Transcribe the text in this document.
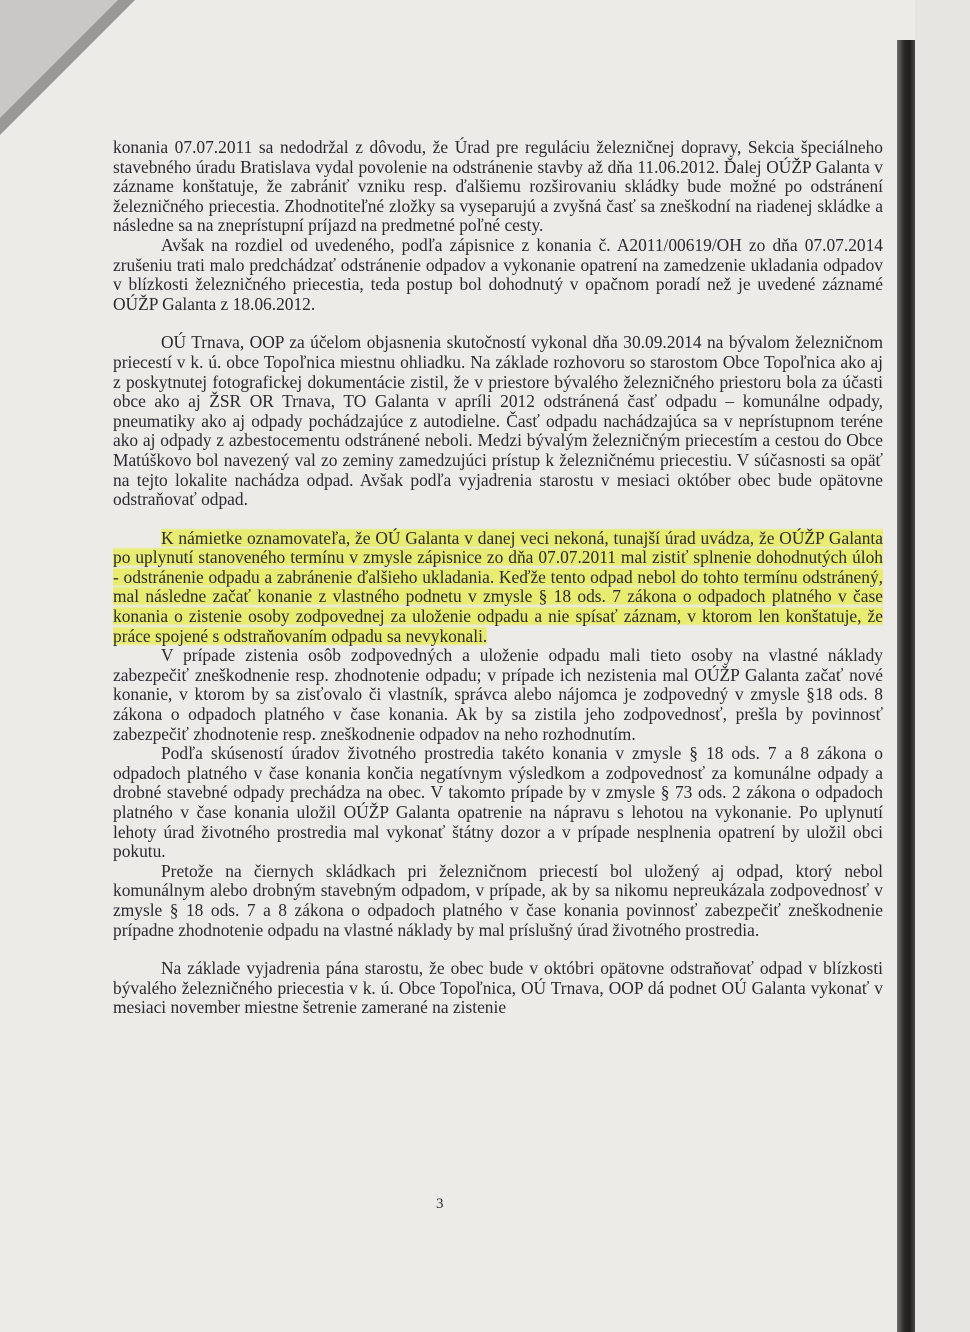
konania 07.07.2011 sa nedodržal z dôvodu, že Úrad pre reguláciu železničnej dopravy, Sekcia špeciálneho stavebného úradu Bratislava vydal povolenie na odstránenie stavby až dňa 11.06.2012. Ďalej OÚŽP Galanta v zázname konštatuje, že zabrániť vzniku resp. ďalšiemu rozširovaniu skládky bude možné po odstránení železničného priecestia. Zhodnotiteľné zložky sa vyseparujú a zvyšná časť sa zneškodní na riadenej skládke a následne sa na zneprístupní príjazd na predmetné poľné cesty.

Avšak na rozdiel od uvedeného, podľa zápisnice z konania č. A2011/00619/OH zo dňa 07.07.2014 zrušeniu trati malo predchádzať odstránenie odpadov a vykonanie opatrení na zamedzenie ukladania odpadov v blízkosti železničného priecestia, teda postup bol dohodnutý v opačnom poradí než je uvedené záznamé OÚŽP Galanta z 18.06.2012.

OÚ Trnava, OOP za účelom objasnenia skutočností vykonal dňa 30.09.2014 na bývalom železničnom priecestí v k. ú. obce Topoľnica miestnu ohliadku. Na základe rozhovoru so starostom Obce Topoľnica ako aj z poskytnutej fotografickej dokumentácie zistil, že v priestore bývalého železničného priestoru bola za účasti obce ako aj ŽSR OR Trnava, TO Galanta v apríli 2012 odstránená časť odpadu – komunálne odpady, pneumatiky ako aj odpady pochádzajúce z autodielne. Časť odpadu nachádzajúca sa v neprístupnom teréne ako aj odpady z azbestocementu odstránené neboli. Medzi bývalým železničným priecestím a cestou do Obce Matúškovo bol navezený val zo zeminy zamedzujúci prístup k železničnému priecestiu. V súčasnosti sa opäť na tejto lokalite nachádza odpad. Avšak podľa vyjadrenia starostu v mesiaci október obec bude opätovne odstraňovať odpad.

K námietke oznamovateľa, že OÚ Galanta v danej veci nekoná, tunajší úrad uvádza, že OÚŽP Galanta po uplynutí stanoveného termínu v zmysle zápisnice zo dňa 07.07.2011 mal zistiť splnenie dohodnutých úloh - odstránenie odpadu a zabránenie ďalšieho ukladania. Keďže tento odpad nebol do tohto termínu odstránený, mal následne začať konanie z vlastného podnetu v zmysle § 18 ods. 7 zákona o odpadoch platného v čase konania o zistenie osoby zodpovednej za uloženie odpadu a nie spísať záznam, v ktorom len konštatuje, že práce spojené s odstraňovaním odpadu sa nevykonali.

V prípade zistenia osôb zodpovedných a uloženie odpadu mali tieto osoby na vlastné náklady zabezpečiť zneškodnenie resp. zhodnotenie odpadu; v prípade ich nezistenia mal OÚŽP Galanta začať nové konanie, v ktorom by sa zisťovalo či vlastník, správca alebo nájomca je zodpovedný v zmysle §18 ods. 8 zákona o odpadoch platného v čase konania. Ak by sa zistila jeho zodpovednosť, prešla by povinnosť zabezpečiť zhodnotenie resp. zneškodnenie odpadov na neho rozhodnutím.

Podľa skúseností úradov životného prostredia takéto konania v zmysle § 18 ods. 7 a 8 zákona o odpadoch platného v čase konania končia negatívnym výsledkom a zodpovednosť za komunálne odpady a drobné stavebné odpady prechádza na obec. V takomto prípade by v zmysle § 73 ods. 2 zákona o odpadoch platného v čase konania uložil OÚŽP Galanta opatrenie na nápravu s lehotou na vykonanie. Po uplynutí lehoty úrad životného prostredia mal vykonať štátny dozor a v prípade nesplnenia opatrení by uložil obci pokutu.

Pretože na čiernych skládkach pri železničnom priecestí bol uložený aj odpad, ktorý nebol komunálnym alebo drobným stavebným odpadom, v prípade, ak by sa nikomu nepreukázala zodpovednosť v zmysle § 18 ods. 7 a 8 zákona o odpadoch platného v čase konania povinnosť zabezpečiť zneškodnenie prípadne zhodnotenie odpadu na vlastné náklady by mal príslušný úrad životného prostredia.

Na základe vyjadrenia pána starostu, že obec bude v októbri opätovne odstraňovať odpad v blízkosti bývalého železničného priecestia v k. ú. Obce Topoľnica, OÚ Trnava, OOP dá podnet OÚ Galanta vykonať v mesiaci november miestne šetrenie zamerané na zistenie

3
